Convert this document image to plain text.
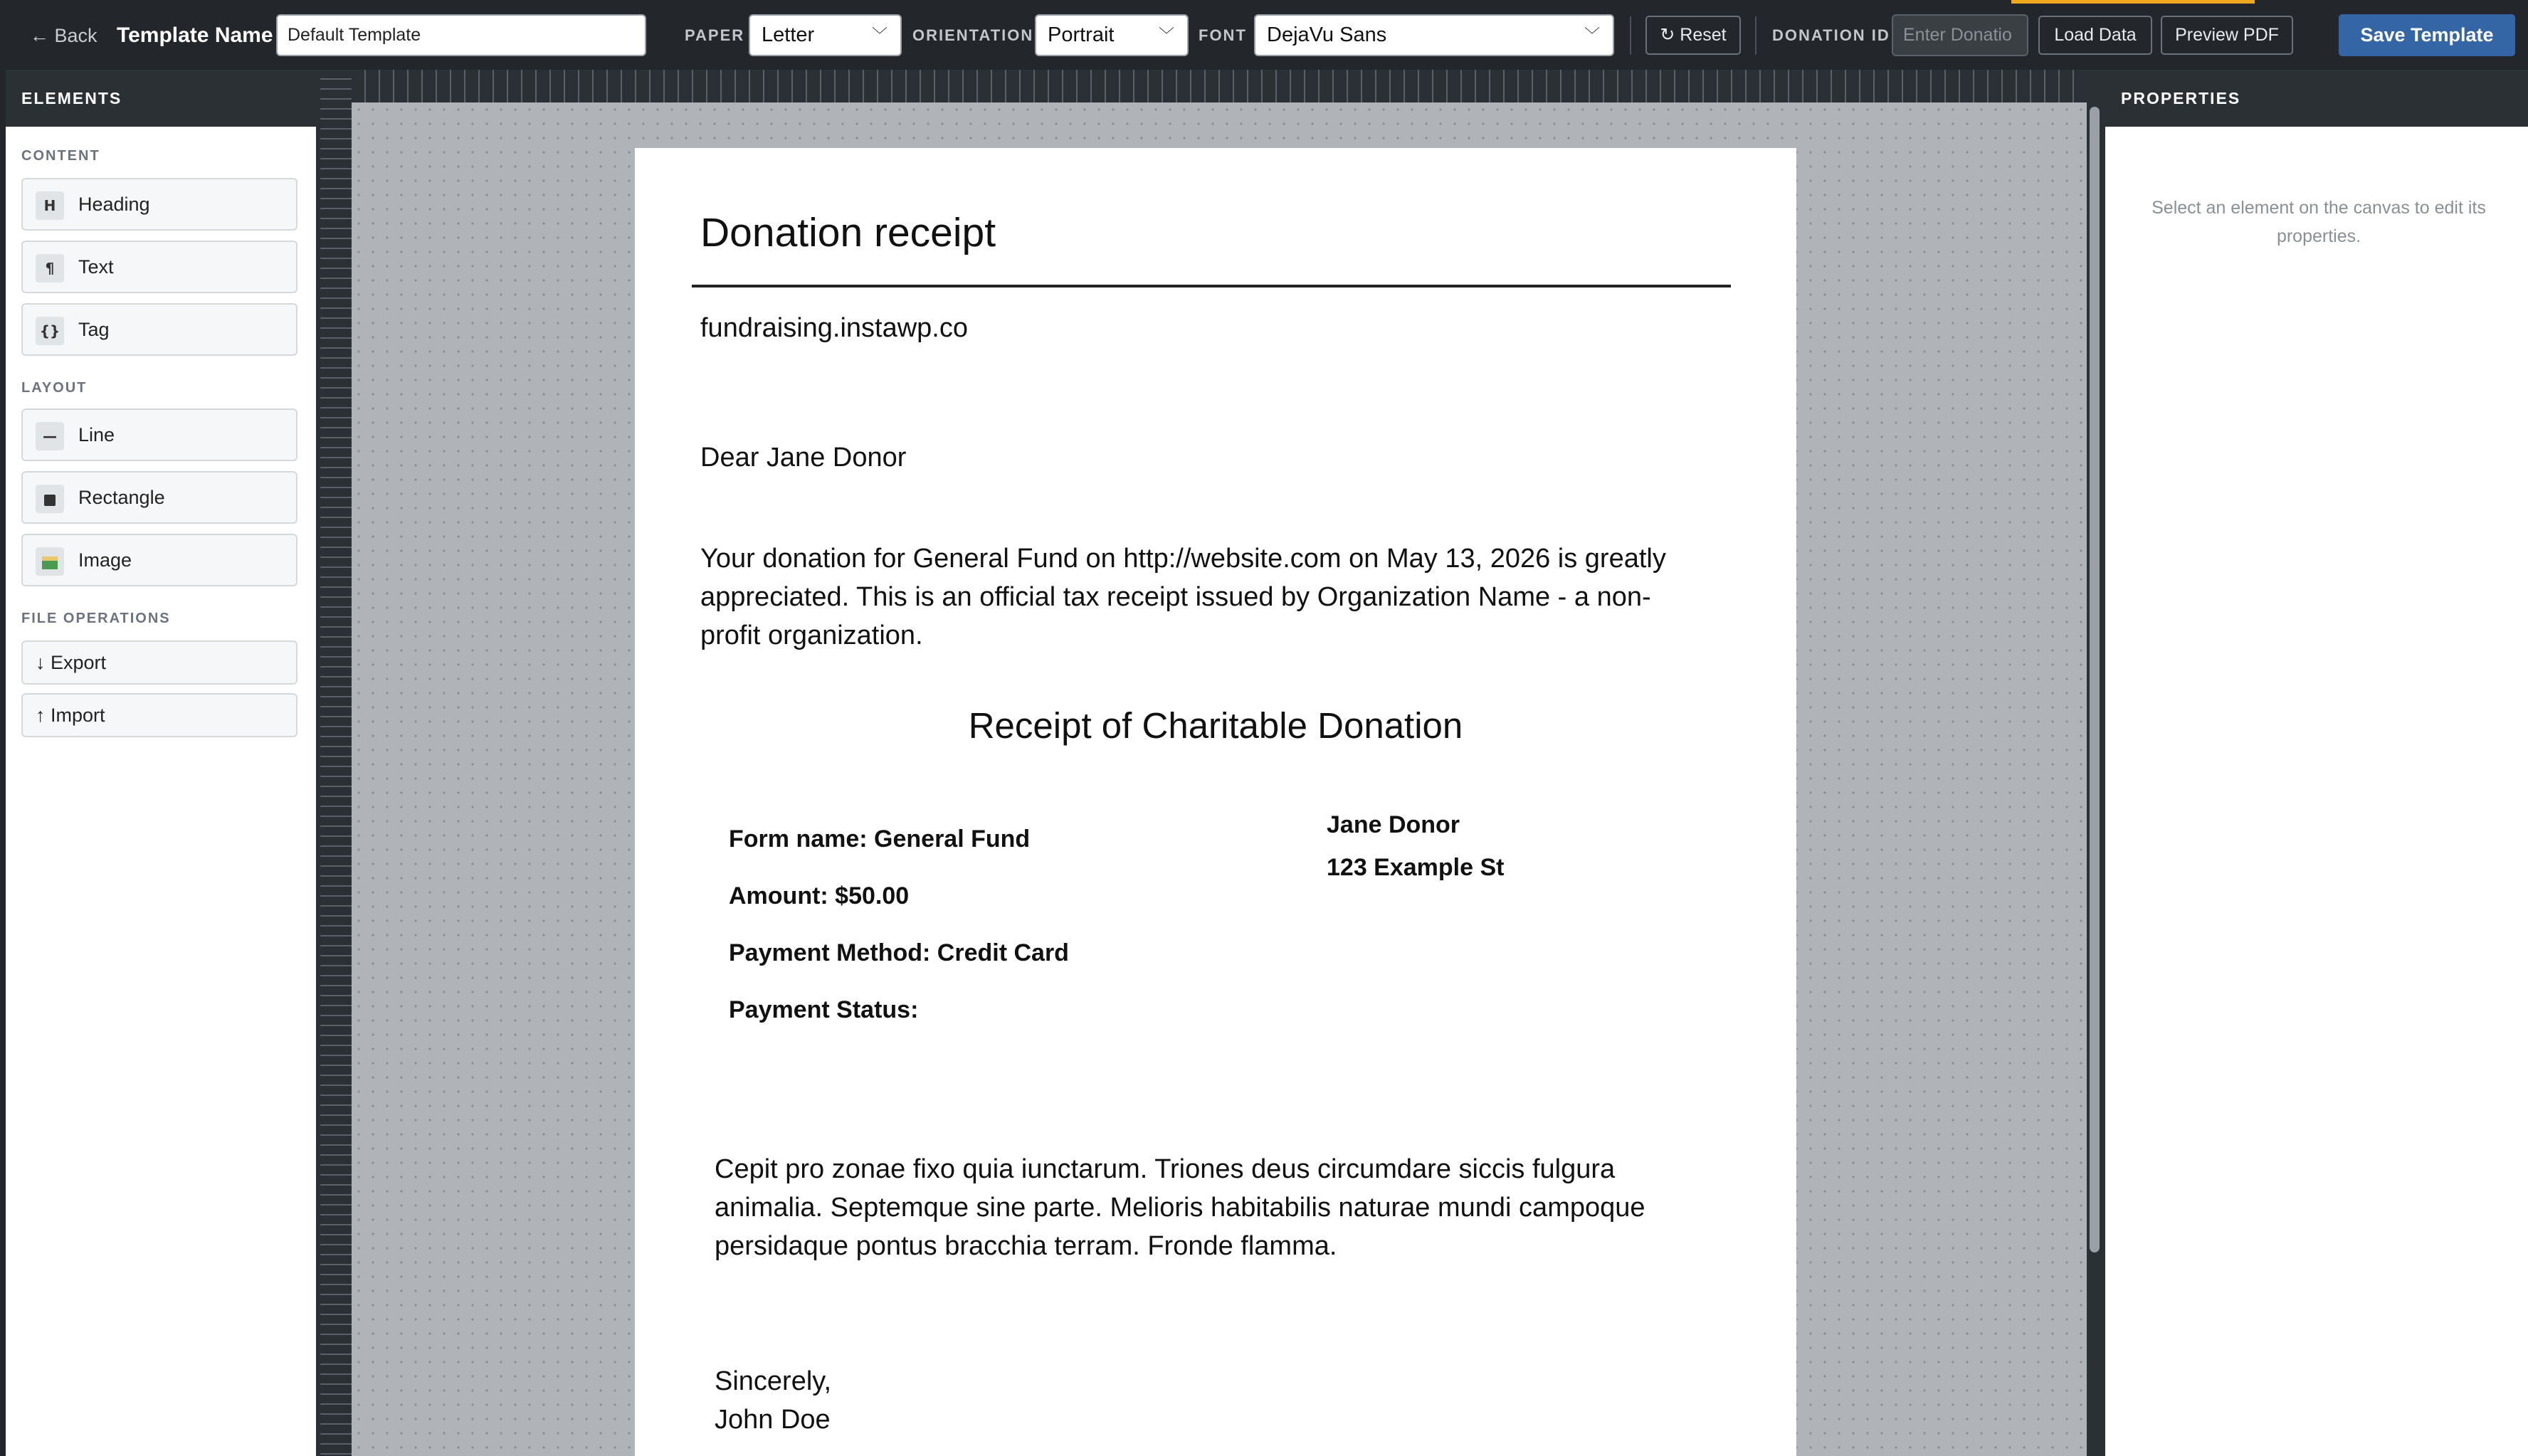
← Back Template Name
Default Template	PAPER Letter	﹀ ORIENTATION Portrait	﹀ FONT DejaVu Sans	﹀	↻ Reset	DONATION ID
Enter Donatio	Load Data	Preview PDF	Save Template
ELEMENTS
CONTENT
H	Heading
¶	Text
{} Tag
LAYOUT
—	Line
Rectangle
Image
FILE OPERATIONS
↓ Export
↑ Import
Donation receipt
fundraising.instawp.co
Dear Jane Donor
Your donation for General Fund on http://website.com on May 13, 2026 is greatly appreciated. This is an official tax receipt issued by Organization Name - a non-profit organization.
Receipt of Charitable Donation
Form name: General Fund
Amount: $50.00
Payment Method: Credit Card
Payment Status:
Jane Donor
123 Example St
Cepit pro zonae fixo quia iunctarum. Triones deus circumdare siccis fulgura animalia. Septemque sine parte. Melioris habitabilis naturae mundi campoque persidaque pontus bracchia terram. Fronde flamma.
Sincerely,
John Doe
PROPERTIES
Select an element on the canvas to edit its properties.
